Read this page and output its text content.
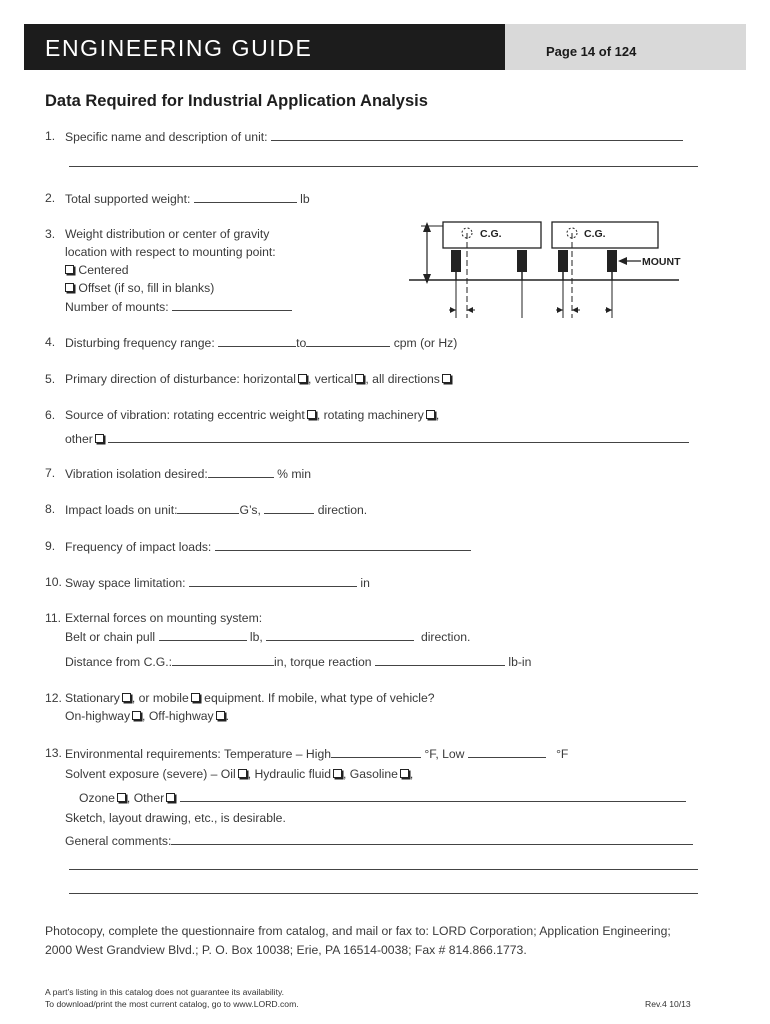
ENGINEERING GUIDE	Page 14 of 124
Data Required for Industrial Application Analysis
1. Specific name and description of unit:
2. Total supported weight:	lb
3. Weight distribution or center of gravity
location with respect to mounting point:
Centered
Offset (if so, fill in blanks)
Number of mounts:
C.G.	C.G.
MOUNT
4. Disturbing frequency range:	to	cpm (or Hz)
5. Primary direction of disturbance: horizontal , vertical , all directions
6. Source of vibration: rotating eccentric weight , rotating machinery ,
other
7. Vibration isolation desired:	% min
8. Impact loads on unit:	G’s,	direction.
9. Frequency of impact loads:
10. Sway space limitation:	in
11. External forces on mounting system:
Belt or chain pull	lb,	direction.
Distance from C.G.:	in, torque reaction	lb-in
12. Stationary , or mobile equipment. If mobile, what type of vehicle?
On-highway , Off-highway .
13. Environmental requirements: Temperature – High	°F, Low	°F
Solvent exposure (severe) – Oil , Hydraulic fluid , Gasoline ,
Ozone , Other
Sketch, layout drawing, etc., is desirable.
General comments:
Photocopy, complete the questionnaire from catalog, and mail or fax to: LORD Corporation; Application Engineering;
2000 West Grandview Blvd.; P. O. Box 10038; Erie, PA 16514-0038; Fax # 814.866.1773.
A part’s listing in this catalog does not guarantee its availability.
To download/print the most current catalog, go to www.LORD.com.	Rev.4 10/13
